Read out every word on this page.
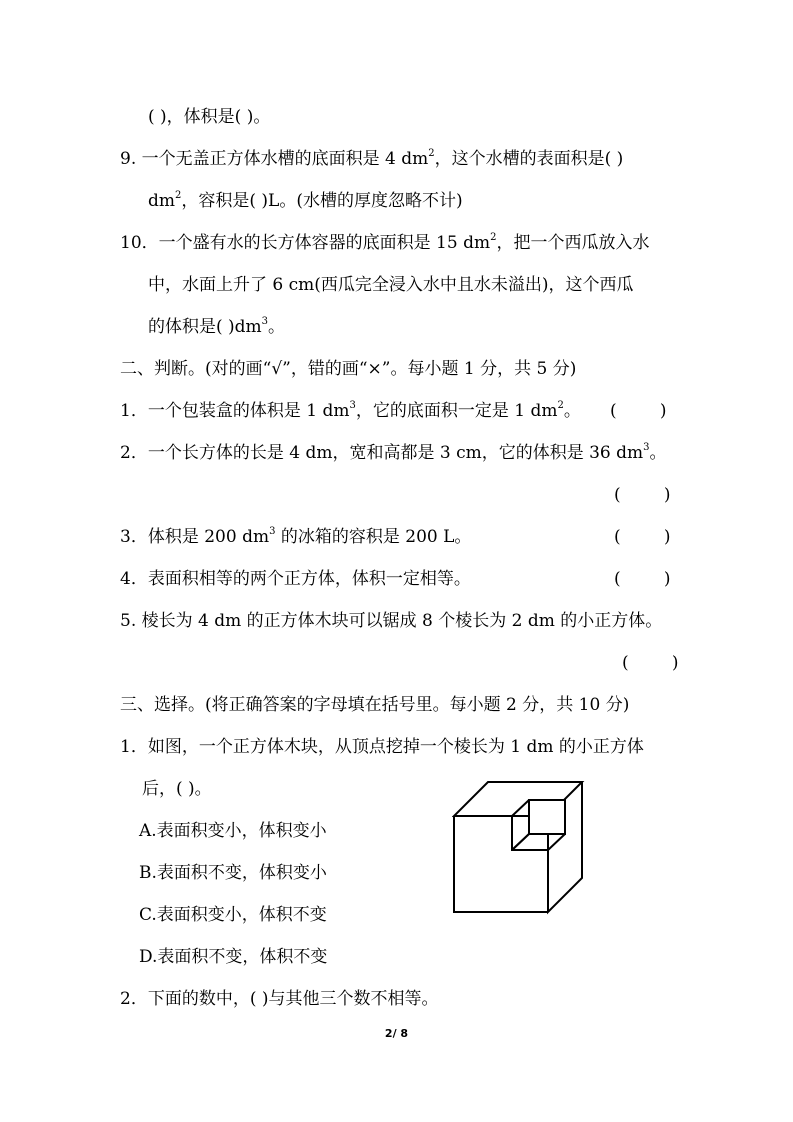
( )，体积是( )。
9. 一个无盖正方体水槽的底面积是 4 $dm^2$，这个水槽的表面积是( )
$dm^2$，容积是( )L。(水槽的厚度忽略不计)
10．一个盛有水的长方体容器的底面积是 15 $dm^2$，把一个西瓜放入水
中，水面上升了 6 cm(西瓜完全浸入水中且水未溢出)，这个西瓜
的体积是( )$dm^3$。
二、判断。(对的画“√”，错的画“×”。每小题 1 分，共 5 分)
1．一个包装盒的体积是 1 $dm^3$，它的底面积一定是 1 $dm^2$。 (        )
2．一个长方体的长是 4 dm，宽和高都是 3 cm，它的体积是 36 $dm^3$。
(        )
3．体积是 200 $dm^3$ 的冰箱的容积是 200 L。	(        )
4．表面积相等的两个正方体，体积一定相等。	(        )
5. 棱长为 4 dm 的正方体木块可以锯成 8 个棱长为 2 dm 的小正方体。
(        )
三、选择。(将正确答案的字母填在括号里。每小题 2 分，共 10 分)
1．如图，一个正方体木块，从顶点挖掉一个棱长为 1 dm 的小正方体
后，( )。
A.表面积变小，体积变小
B.表面积不变，体积变小
C.表面积变小，体积不变
D.表面积不变，体积不变
2．下面的数中，( )与其他三个数不相等。
2/ 8
